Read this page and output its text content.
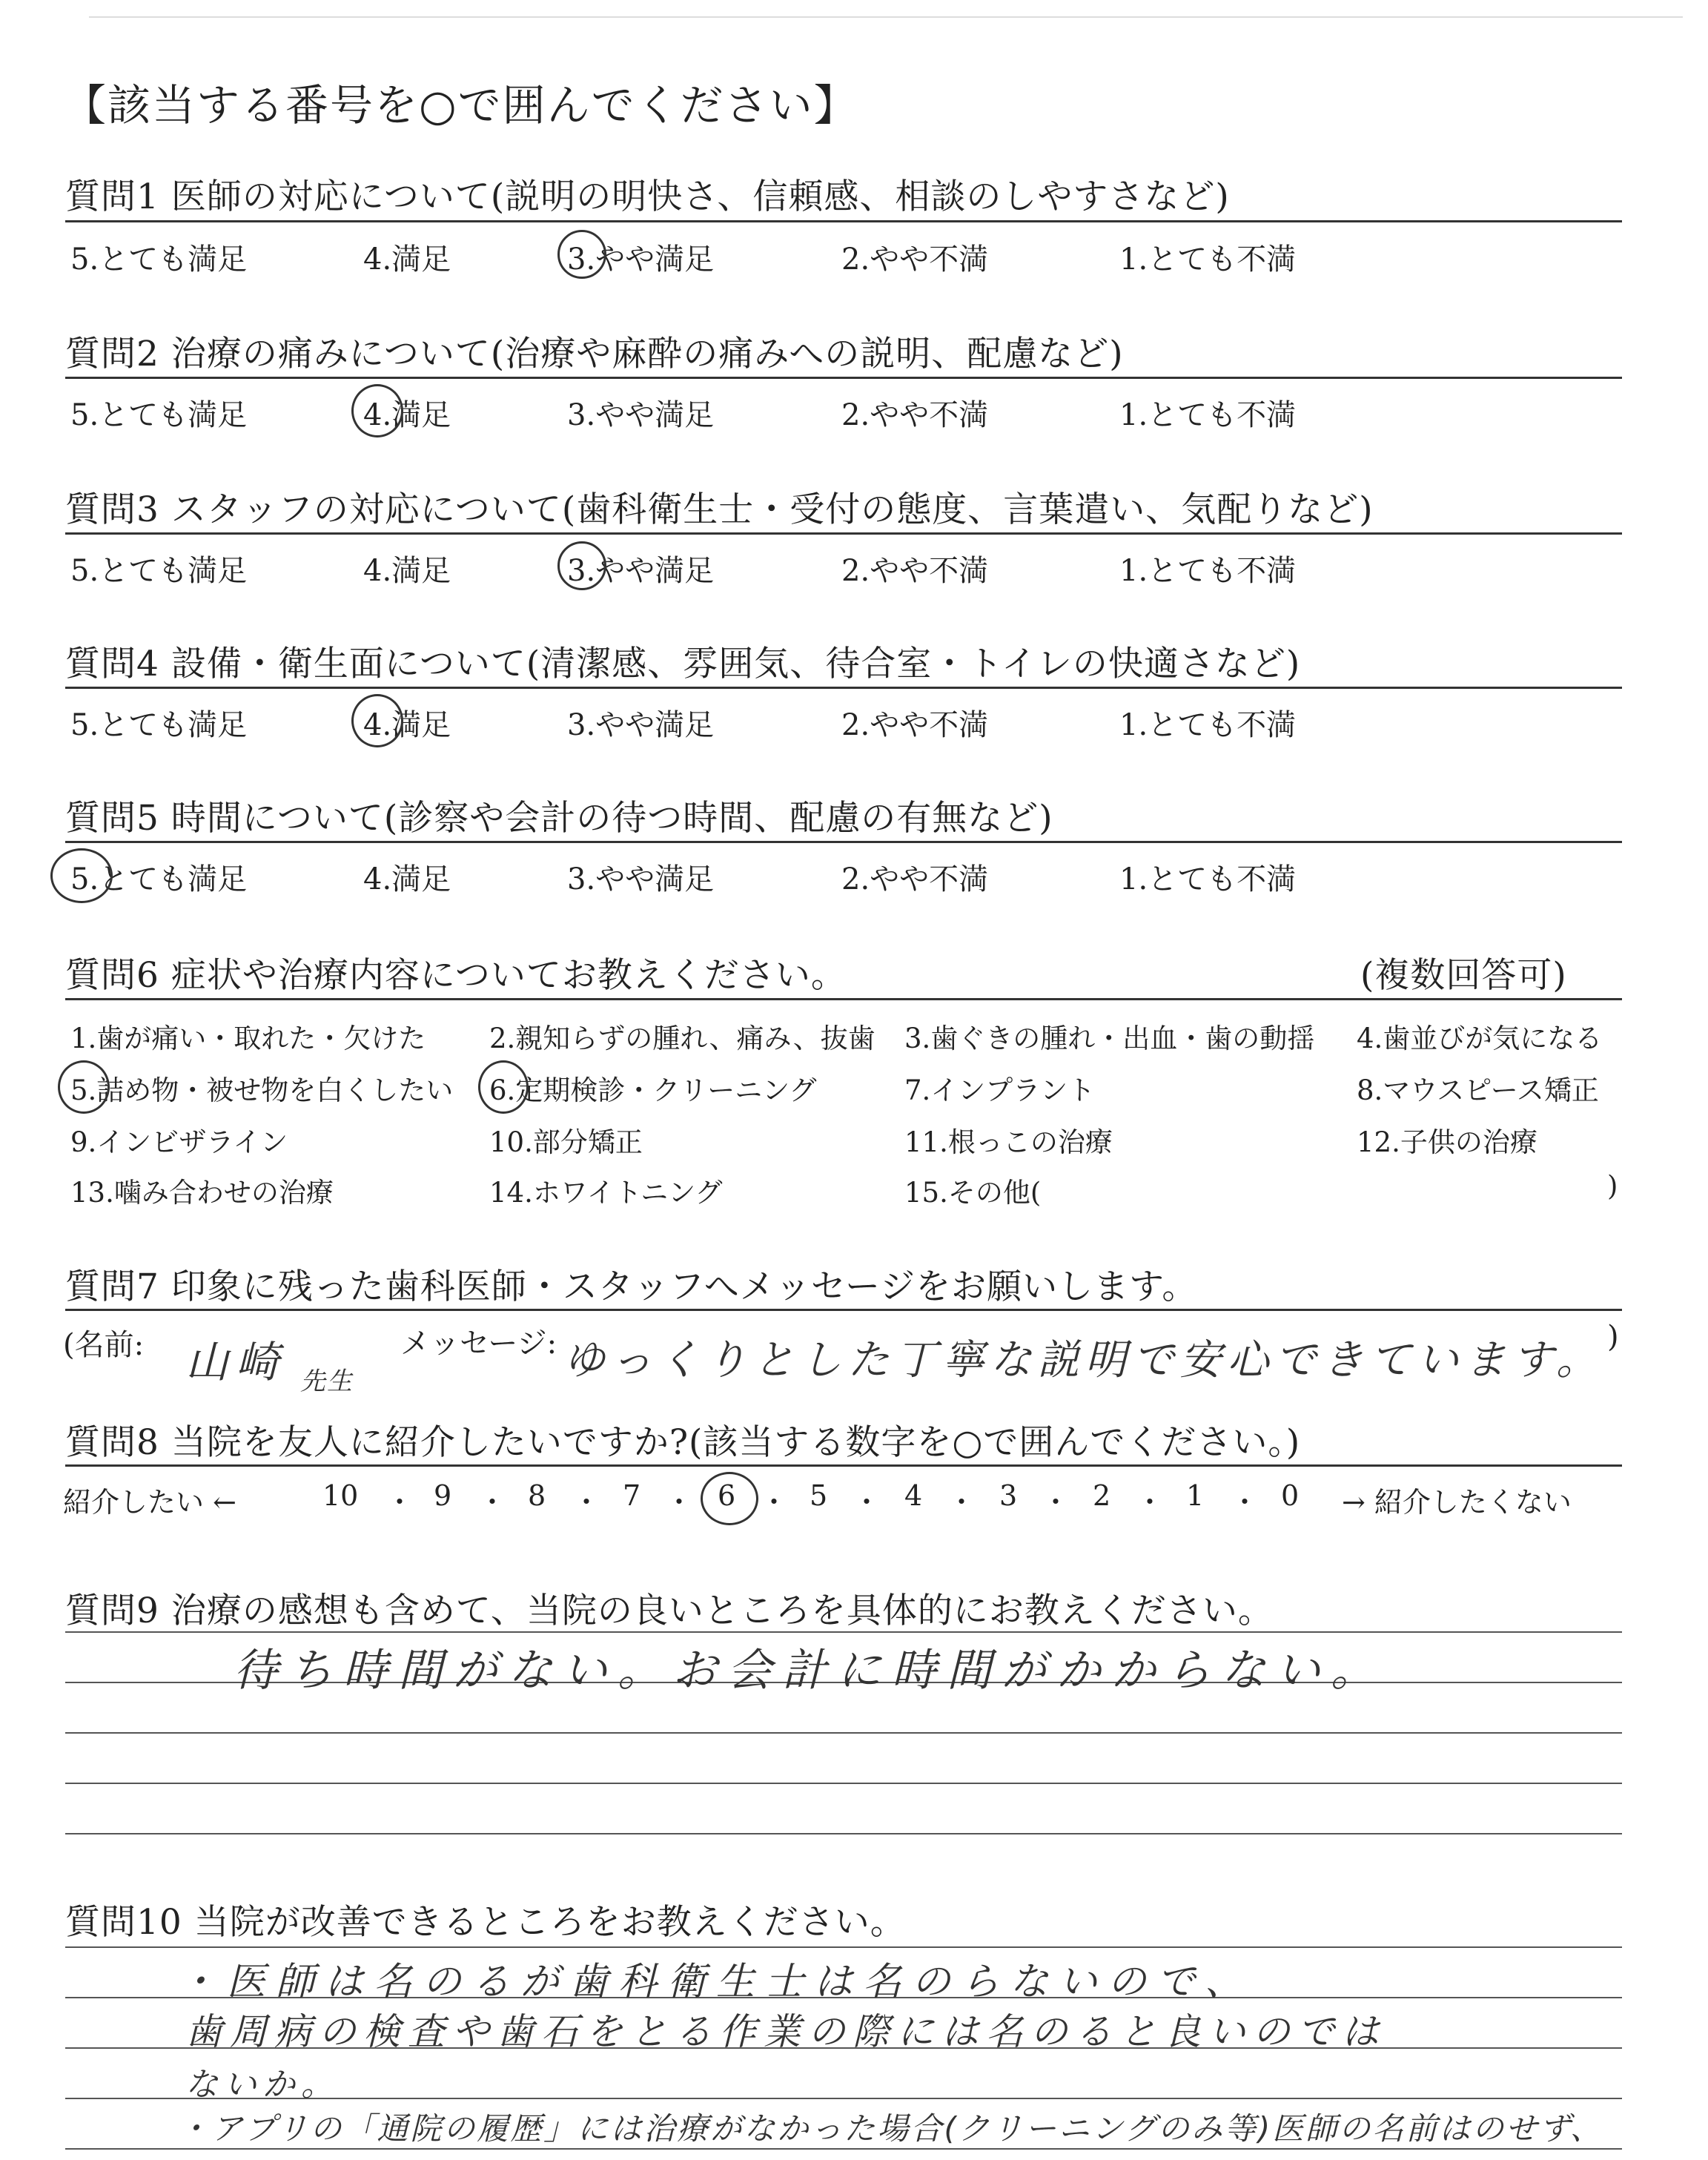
【該当する番号を○で囲んでください】
質問1 医師の対応について(説明の明快さ、信頼感、相談のしやすさなど)
5.とても満足	4.満足	3.やや満足	2.やや不満	1.とても不満
質問2 治療の痛みについて(治療や麻酔の痛みへの説明、配慮など)
5.とても満足	4.満足	3.やや満足	2.やや不満	1.とても不満
質問3 スタッフの対応について(歯科衛生士・受付の態度、言葉遣い、気配りなど)
5.とても満足	4.満足	3.やや満足	2.やや不満	1.とても不満
質問4 設備・衛生面について(清潔感、雰囲気、待合室・トイレの快適さなど)
5.とても満足	4.満足	3.やや満足	2.やや不満	1.とても不満
質問5 時間について(診察や会計の待つ時間、配慮の有無など)
5.とても満足	4.満足	3.やや満足	2.やや不満	1.とても不満
質問6 症状や治療内容についてお教えください。	(複数回答可)
1.歯が痛い・取れた・欠けた 2.親知らずの腫れ、痛み、抜歯 3.歯ぐきの腫れ・出血・歯の動揺 4.歯並びが気になる
5.詰め物・被せ物を白くしたい 6.定期検診・クリーニング	7.インプラント	8.マウスピース矯正
9.インビザライン	10.部分矯正	11.根っこの治療	12.子供の治療
13.噛み合わせの治療	14.ホワイトニング	15.その他(	)
質問7 印象に残った歯科医師・スタッフへメッセージをお願いします。
(名前: 山崎 先生
メッセージ: ゆっくりとした丁寧な説明で安心できています。 )
質問8 当院を友人に紹介したいですか?(該当する数字を○で囲んでください。)
紹介したい ←	10 ・ 9 ・ 8 ・ 7 ・ 6 ・ 5 ・ 4 ・ 3 ・ 2 ・ 1 ・ 0 → 紹介したくない
質問9 治療の感想も含めて、当院の良いところを具体的にお教えください。
待ち時間がない。お会計に時間がかからない。
質問10 当院が改善できるところをお教えください。
・医師は名のるが歯科衛生士は名のらないので、
歯周病の検査や歯石をとる作業の際には名のると良いのでは
ないか。
・アプリの「通院の履歴」には治療がなかった場合(クリーニングのみ等)医師の名前はのせず、
